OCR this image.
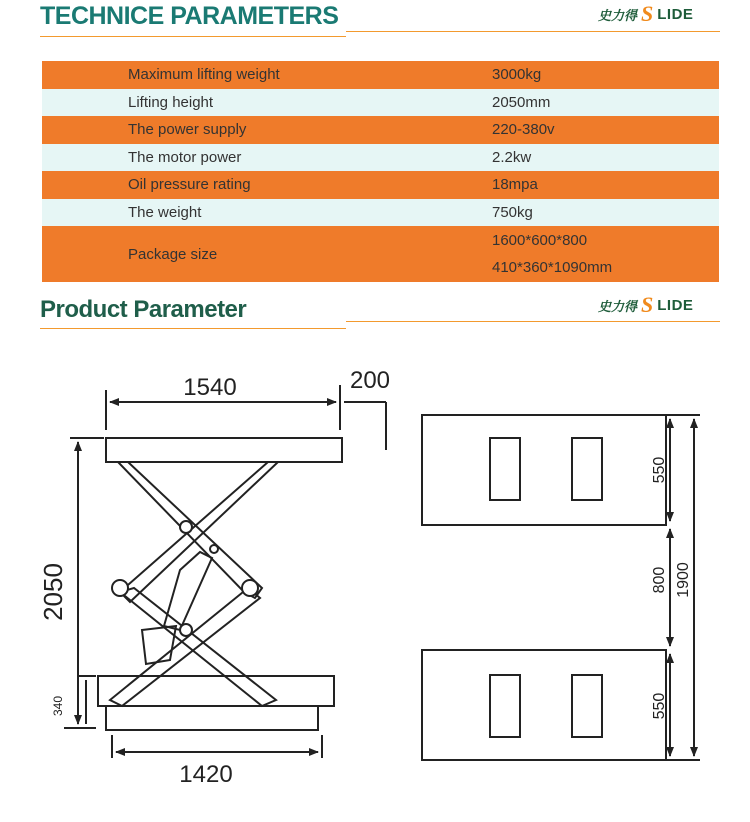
TECHNICE PARAMETERS	史力得 S LIDE
Maximum lifting weight	3000kg
Lifting height	2050mm
The power supply	220-380v
The motor power	2.2kw
Oil pressure rating	18mpa
The weight	750kg
Package size	1600*600*800
410*360*1090mm
Product Parameter	史力得 S LIDE
1540	200
2050
340
1420
550
800 1900
550
